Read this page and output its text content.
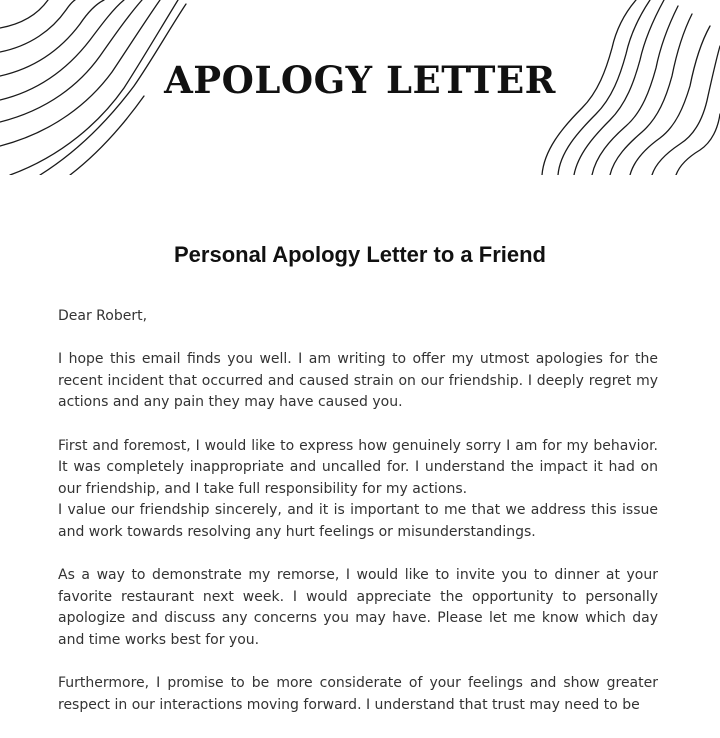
APOLOGY LETTER
Personal Apology Letter to a Friend

Dear Robert,

I hope this email finds you well. I am writing to offer my utmost apologies for the recent incident that occurred and caused strain on our friendship. I deeply regret my actions and any pain they may have caused you.

First and foremost, I would like to express how genuinely sorry I am for my behavior. It was completely inappropriate and uncalled for. I understand the impact it had on our friendship, and I take full responsibility for my actions.

I value our friendship sincerely, and it is important to me that we address this issue and work towards resolving any hurt feelings or misunderstandings.

As a way to demonstrate my remorse, I would like to invite you to dinner at your favorite restaurant next week. I would appreciate the opportunity to personally apologize and discuss any concerns you may have. Please let me know which day and time works best for you.

Furthermore, I promise to be more considerate of your feelings and show greater respect in our interactions moving forward. I understand that trust may need to be
